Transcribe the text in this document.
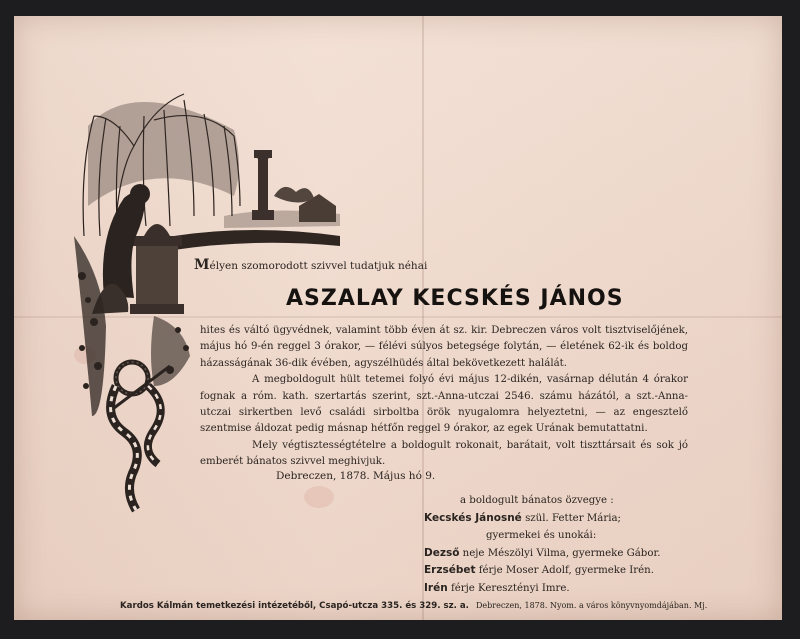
Mélyen szomorodott szivvel tudatjuk néhai
ASZALAY KECSKÉS JÁNOS

hites és váltó ügyvédnek, valamint több éven át sz. kir. Debreczen város volt tisztviselőjének, május hó 9-én reggel 3 órakor, — félévi súlyos betegsége folytán, — életének 62-ik és boldog házasságának 36-dik évében, agyszélhüdés által bekövetkezett halálát.

A megboldogult hült tetemei folyó évi május 12-dikén, vasárnap délután 4 órakor fognak a róm. kath. szertartás szerint, szt.-Anna-utczai 2546. számu házától, a szt.-Anna-utczai sirkertben levő családi sirboltba örök nyugalomra helyeztetni, — az engesztelő szentmise áldozat pedig másnap hétfőn reggel 9 órakor, az egek Urának bemutattatni.

Mely végtisztességtételre a boldogult rokonait, barátait, volt tiszttársait és sok jó emberét bánatos szivvel meghivjuk.

Debreczen, 1878. Május hó 9.
a boldogult bánatos özvegye :
Kecskés Jánosné szül. Fetter Mária;
gyermekei és unokái:
Dezső neje Mészölyi Vilma, gyermeke Gábor.
Erzsébet férje Moser Adolf, gyermeke Irén.
Irén férje Keresztényi Imre.
Kardos Kálmán temetkezési intézetéből, Csapó-utcza 335. és 329. sz. a. Debreczen, 1878. Nyom. a város könyvnyomdájában. Mj.
